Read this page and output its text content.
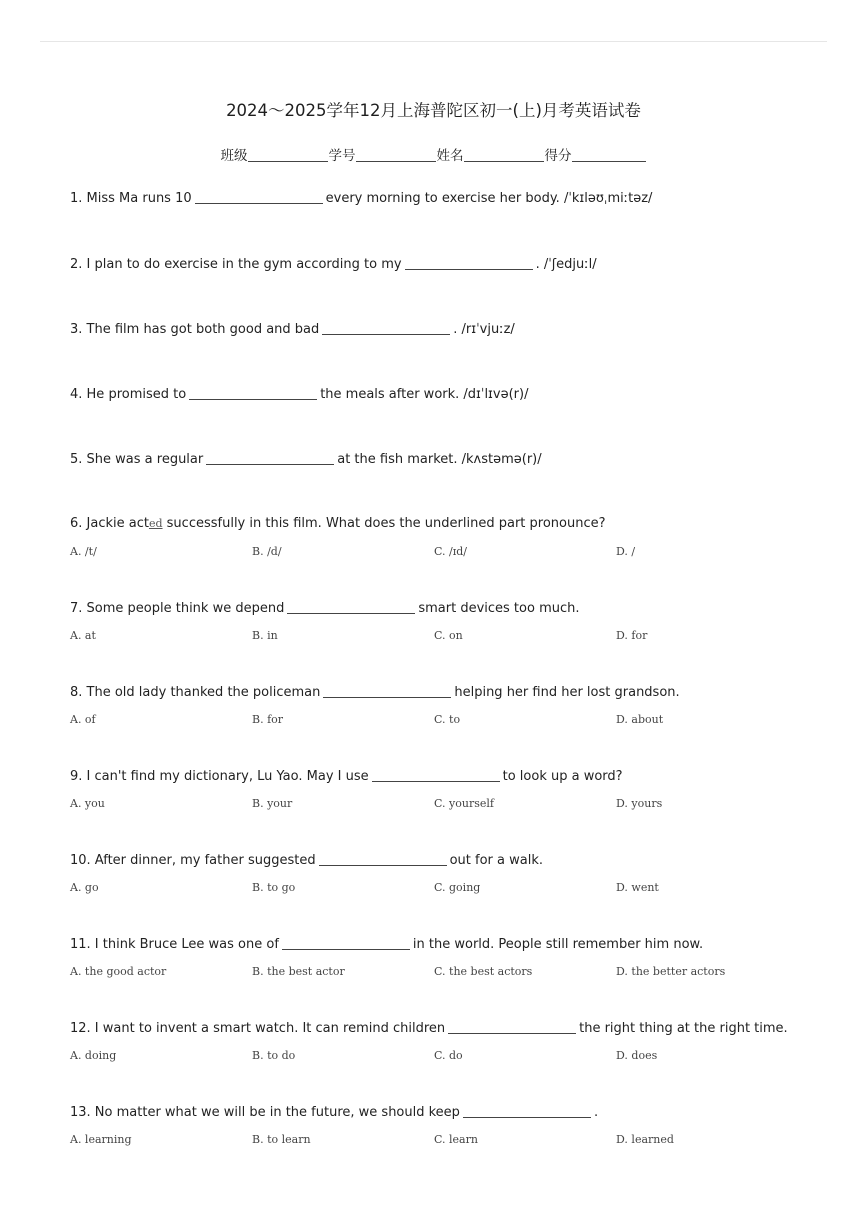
2024～2025学年12月上海普陀区初一(上)月考英语试卷
班级	学号	姓名	得分
1. Miss Ma runs 10	every morning to exercise her body. /ˈkɪləʊˌmiːtəz/
2. I plan to do exercise in the gym according to my	. /ˈʃedjuːl/
3. The film has got both good and bad	. /rɪˈvjuːz/
4. He promised to	the meals after work. /dɪˈlɪvə(r)/
5. She was a regular	at the fish market. /kʌstəmə(r)/
6. Jackie acted successfully in this film. What does the underlined part pronounce?
A. /t/	B. /d/	C. /ɪd/	D. /
7. Some people think we depend	smart devices too much.
A. at	B. in	C. on	D. for
8. The old lady thanked the policeman	helping her find her lost grandson.
A. of	B. for	C. to	D. about
9. I can't find my dictionary, Lu Yao. May I use	to look up a word?
A. you	B. your	C. yourself	D. yours
10. After dinner, my father suggested	out for a walk.
A. go	B. to go	C. going	D. went
11. I think Bruce Lee was one of	in the world. People still remember him now.
A. the good actor	B. the best actor	C. the best actors	D. the better actors
12. I want to invent a smart watch. It can remind children	the right thing at the right time.
A. doing	B. to do	C. do	D. does
13. No matter what we will be in the future, we should keep	.
A. learning	B. to learn	C. learn	D. learned
